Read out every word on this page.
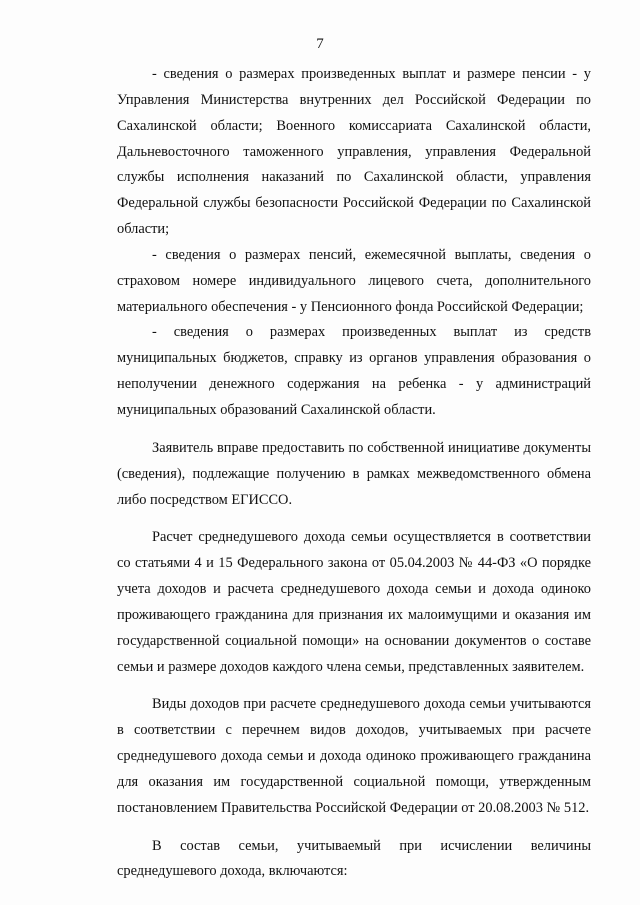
7

- сведения о размерах произведенных выплат и размере пенсии - у Управления Министерства внутренних дел Российской Федерации по Сахалинской области; Военного комиссариата Сахалинской области, Дальневосточного таможенного управления, управления Федеральной службы исполнения наказаний по Сахалинской области, управления Федеральной службы безопасности Российской Федерации по Сахалинской области;

- сведения о размерах пенсий, ежемесячной выплаты, сведения о страховом номере индивидуального лицевого счета, дополнительного материального обеспечения - у Пенсионного фонда Российской Федерации;

- сведения о размерах произведенных выплат из средств муниципальных бюджетов, справку из органов управления образования о неполучении денежного содержания на ребенка - у администраций муниципальных образований Сахалинской области.

Заявитель вправе предоставить по собственной инициативе документы (сведения), подлежащие получению в рамках межведомственного обмена либо посредством ЕГИССО.

Расчет среднедушевого дохода семьи осуществляется в соответствии со статьями 4 и 15 Федерального закона от 05.04.2003 № 44-ФЗ «О порядке учета доходов и расчета среднедушевого дохода семьи и дохода одиноко проживающего гражданина для признания их малоимущими и оказания им государственной социальной помощи» на основании документов о составе семьи и размере доходов каждого члена семьи, представленных заявителем.

Виды доходов при расчете среднедушевого дохода семьи учитываются в соответствии с перечнем видов доходов, учитываемых при расчете среднедушевого дохода семьи и дохода одиноко проживающего гражданина для оказания им государственной социальной помощи, утвержденным постановлением Правительства Российской Федерации от 20.08.2003 № 512.

В состав семьи, учитываемый при исчислении величины среднедушевого дохода, включаются:
